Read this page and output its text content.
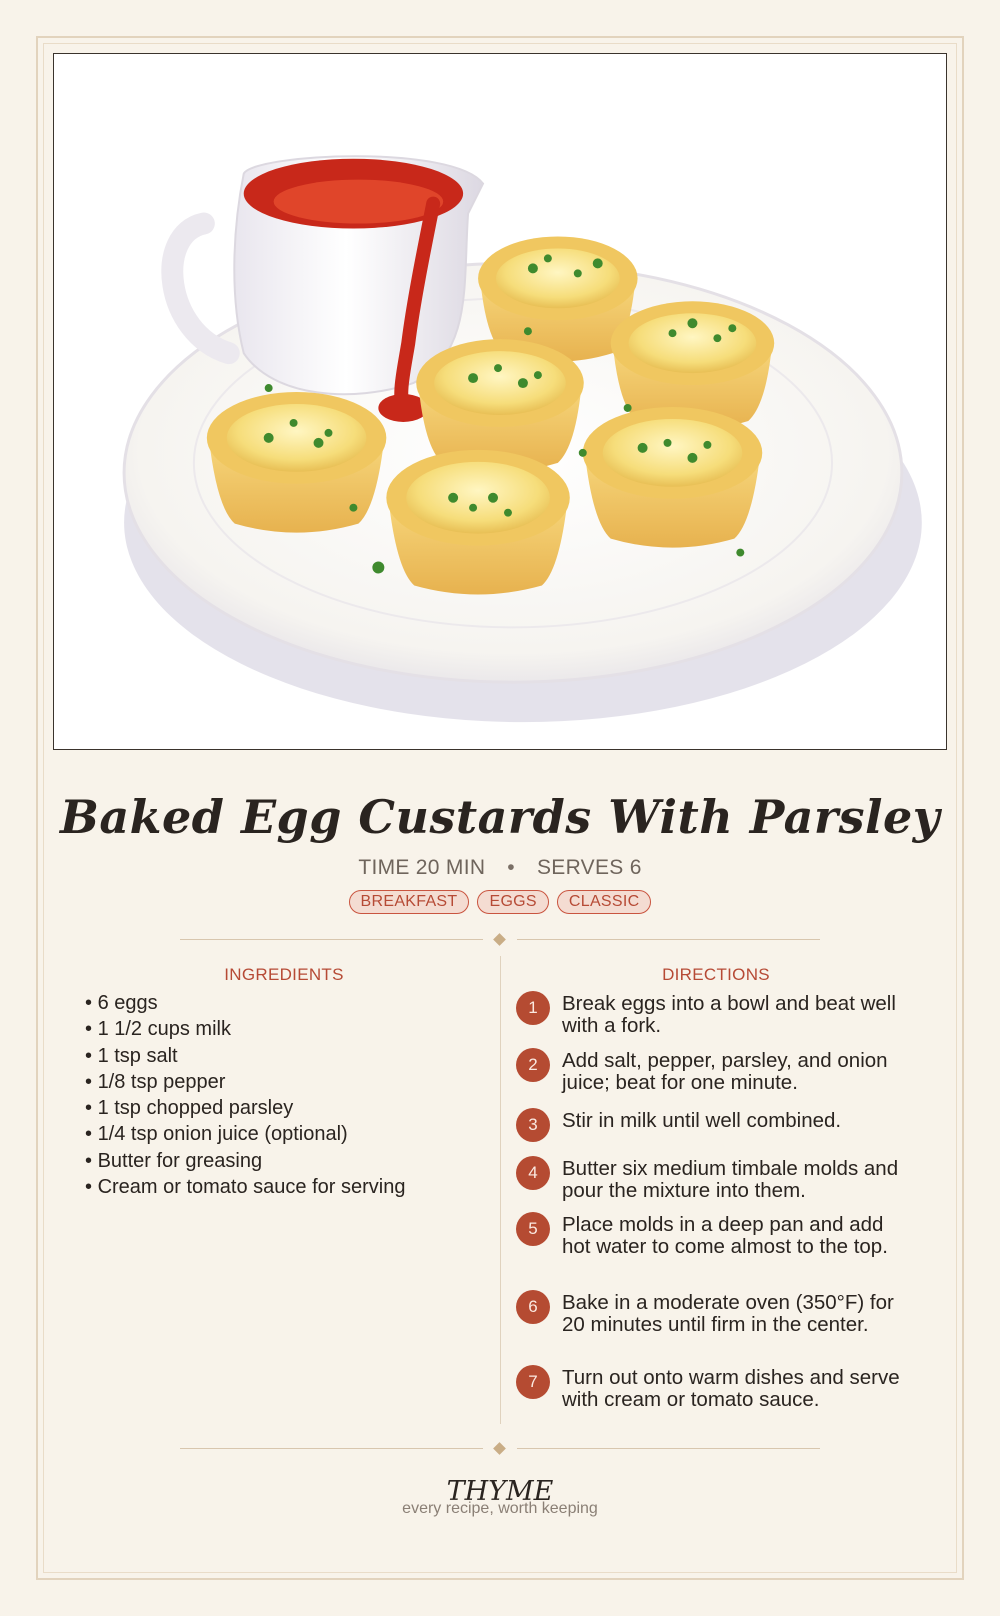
Baked Egg Custards With Parsley
TIME 20 MIN • SERVES 6
BREAKFAST	EGGS	CLASSIC
INGREDIENTS
• 6 eggs
• 1 1/2 cups milk
• 1 tsp salt
• 1/8 tsp pepper
• 1 tsp chopped parsley
• 1/4 tsp onion juice (optional)
• Butter for greasing
• Cream or tomato sauce for serving
DIRECTIONS
1	Break eggs into a bowl and beat well with a fork.
2	Add salt, pepper, parsley, and onion juice; beat for one minute.
3	Stir in milk until well combined.
4	Butter six medium timbale molds and pour the mixture into them.
5	Place molds in a deep pan and add hot water to come almost to the top.
6	Bake in a moderate oven (350°F) for 20 minutes until firm in the center.
7	Turn out onto warm dishes and serve with cream or tomato sauce.
THYME
every recipe, worth keeping
